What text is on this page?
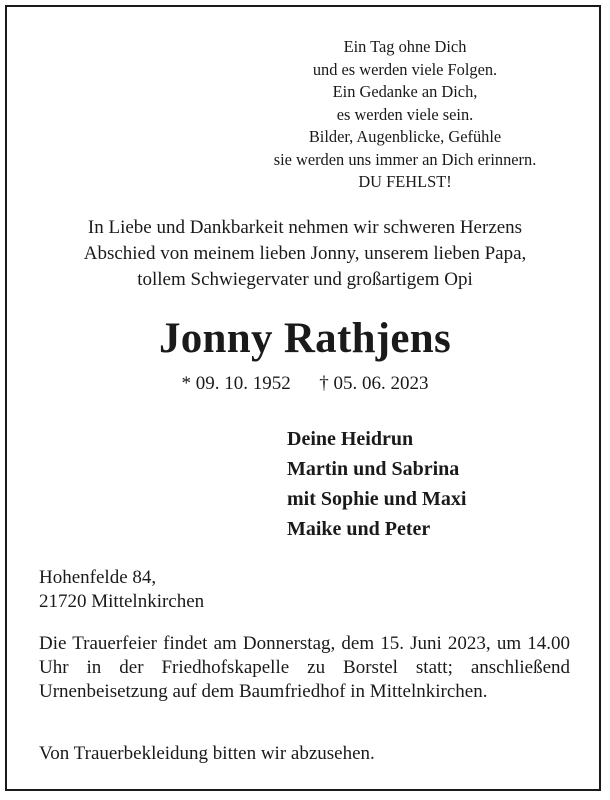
Ein Tag ohne Dich
und es werden viele Folgen.
Ein Gedanke an Dich,
es werden viele sein.
Bilder, Augenblicke, Gefühle
sie werden uns immer an Dich erinnern.
DU FEHLST!
In Liebe und Dankbarkeit nehmen wir schweren Herzens
Abschied von meinem lieben Jonny, unserem lieben Papa,
tollem Schwiegervater und großartigem Opi
Jonny Rathjens
* 09. 10. 1952 † 05. 06. 2023
Deine Heidrun
Martin und Sabrina
mit Sophie und Maxi
Maike und Peter
Hohenfelde 84,
21720 Mittelnkirchen
Die Trauerfeier findet am Donnerstag, dem 15. Juni 2023, um 14.00 Uhr in der Friedhofskapelle zu Borstel statt; anschließend Urnenbeisetzung auf dem Baumfriedhof in Mittelnkirchen.
Von Trauerbekleidung bitten wir abzusehen.
